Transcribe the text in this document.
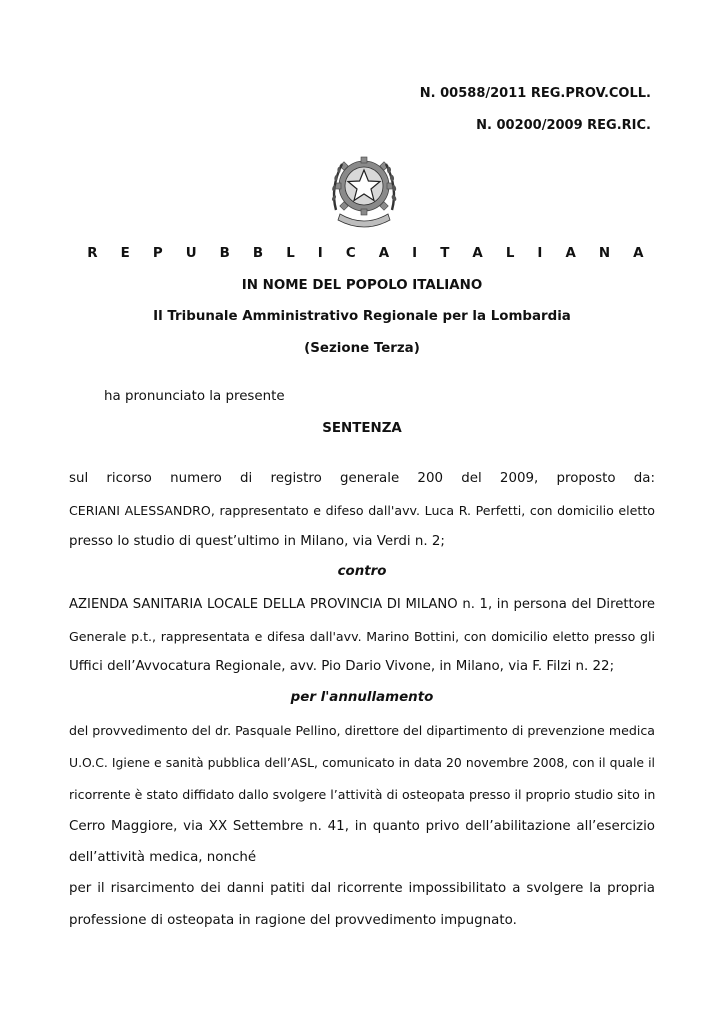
N. 00588/2011 REG.PROV.COLL.
N. 00200/2009 REG.RIC.
R E P U B B L I C A I T A L I A N A
IN NOME DEL POPOLO ITALIANO
Il Tribunale Amministrativo Regionale per la Lombardia
(Sezione Terza)
ha pronunciato la presente
SENTENZA
sul ricorso numero di registro generale 200 del 2009, proposto da:
CERIANI ALESSANDRO, rappresentato e difeso dall'avv. Luca R. Perfetti, con domicilio eletto
presso lo studio di quest’ultimo in Milano, via Verdi n. 2;
contro
AZIENDA SANITARIA LOCALE DELLA PROVINCIA DI MILANO n. 1, in persona del Direttore
Generale p.t., rappresentata e difesa dall'avv. Marino Bottini, con domicilio eletto presso gli
Uffici dell’Avvocatura Regionale, avv. Pio Dario Vivone, in Milano, via F. Filzi n. 22;
per l'annullamento
del provvedimento del dr. Pasquale Pellino, direttore del dipartimento di prevenzione medica
U.O.C. Igiene e sanità pubblica dell’ASL, comunicato in data 20 novembre 2008, con il quale il
ricorrente è stato diffidato dallo svolgere l’attività di osteopata presso il proprio studio sito in
Cerro Maggiore, via XX Settembre n. 41, in quanto privo dell’abilitazione all’esercizio
dell’attività medica, nonché
per il risarcimento dei danni patiti dal ricorrente impossibilitato a svolgere la propria
professione di osteopata in ragione del provvedimento impugnato.
